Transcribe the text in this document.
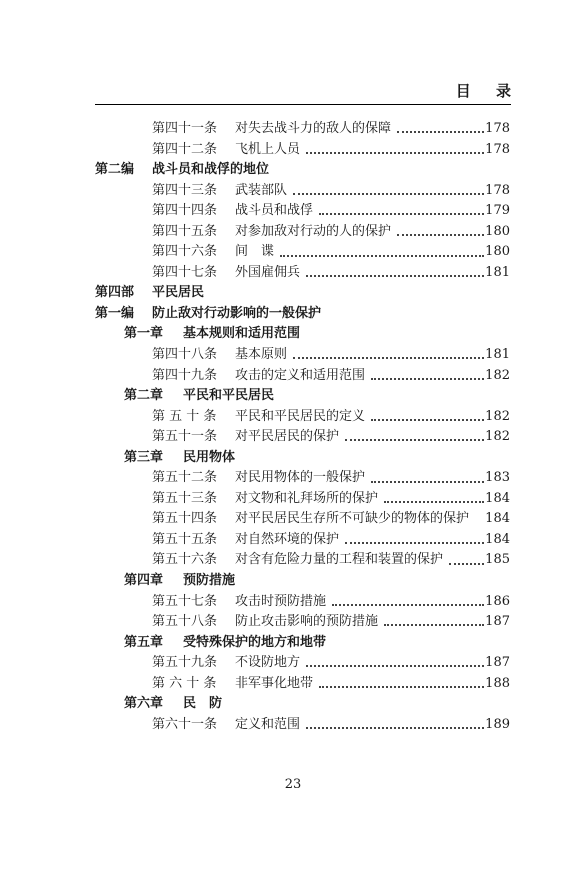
目 录
第四十一条 对失去战斗力的敌人的保障	178
第四十二条 飞机上人员	178
第二编 战斗员和战俘的地位
第四十三条 武装部队	178
第四十四条 战斗员和战俘	179
第四十五条 对参加敌对行动的人的保护	180
第四十六条 间　谍	180
第四十七条 外国雇佣兵	181
第四部 平民居民
第一编 防止敌对行动影响的一般保护
第一章 基本规则和适用范围
第四十八条 基本原则	181
第四十九条 攻击的定义和适用范围	182
第二章 平民和平民居民
第 五 十 条 平民和平民居民的定义	182
第五十一条 对平民居民的保护	182
第三章 民用物体
第五十二条 对民用物体的一般保护	183
第五十三条 对文物和礼拜场所的保护	184
第五十四条 对平民居民生存所不可缺少的物体的保护 184
第五十五条 对自然环境的保护	184
第五十六条 对含有危险力量的工程和装置的保护	185
第四章 预防措施
第五十七条 攻击时预防措施	186
第五十八条 防止攻击影响的预防措施	187
第五章 受特殊保护的地方和地带
第五十九条 不设防地方	187
第 六 十 条 非军事化地带	188
第六章 民　防
第六十一条 定义和范围	189
23
